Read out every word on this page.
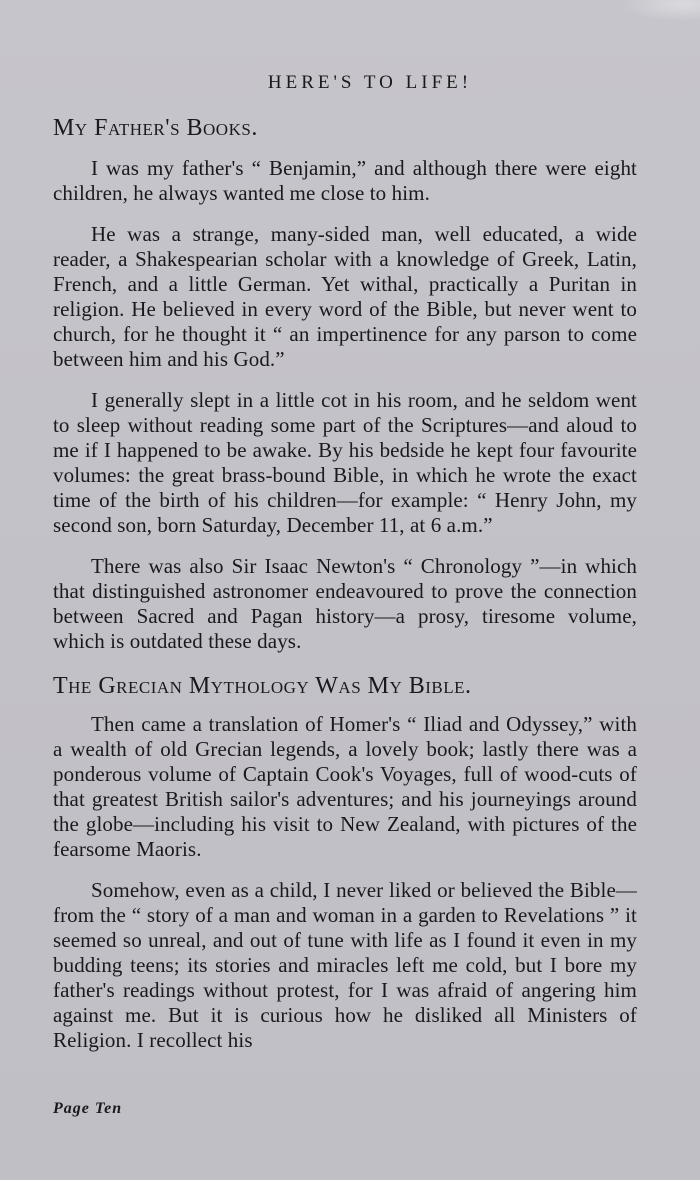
HERE'S TO LIFE!
My Father's Books.

I was my father's “ Benjamin,” and although there were eight children, he always wanted me close to him.

He was a strange, many-sided man, well educated, a wide reader, a Shakespearian scholar with a knowledge of Greek, Latin, French, and a little German. Yet withal, practically a Puritan in religion. He believed in every word of the Bible, but never went to church, for he thought it “ an impertinence for any parson to come between him and his God.”

I generally slept in a little cot in his room, and he seldom went to sleep without reading some part of the Scriptures—and aloud to me if I happened to be awake. By his bedside he kept four favourite volumes: the great brass-bound Bible, in which he wrote the exact time of the birth of his children—for example: “ Henry John, my second son, born Saturday, December 11, at 6 a.m.”

There was also Sir Isaac Newton's “ Chronology ”—in which that distinguished astronomer endeavoured to prove the connection between Sacred and Pagan history—a prosy, tiresome volume, which is outdated these days.

The Grecian Mythology Was My Bible.

Then came a translation of Homer's “ Iliad and Odyssey,” with a wealth of old Grecian legends, a lovely book; lastly there was a ponderous volume of Captain Cook's Voyages, full of wood-cuts of that greatest British sailor's adventures; and his journeyings around the globe—including his visit to New Zealand, with pictures of the fearsome Maoris.

Somehow, even as a child, I never liked or believed the Bible—from the “ story of a man and woman in a garden to Revelations ” it seemed so unreal, and out of tune with life as I found it even in my budding teens; its stories and miracles left me cold, but I bore my father's readings without protest, for I was afraid of angering him against me. But it is curious how he disliked all Ministers of Religion. I recollect his

Page Ten
